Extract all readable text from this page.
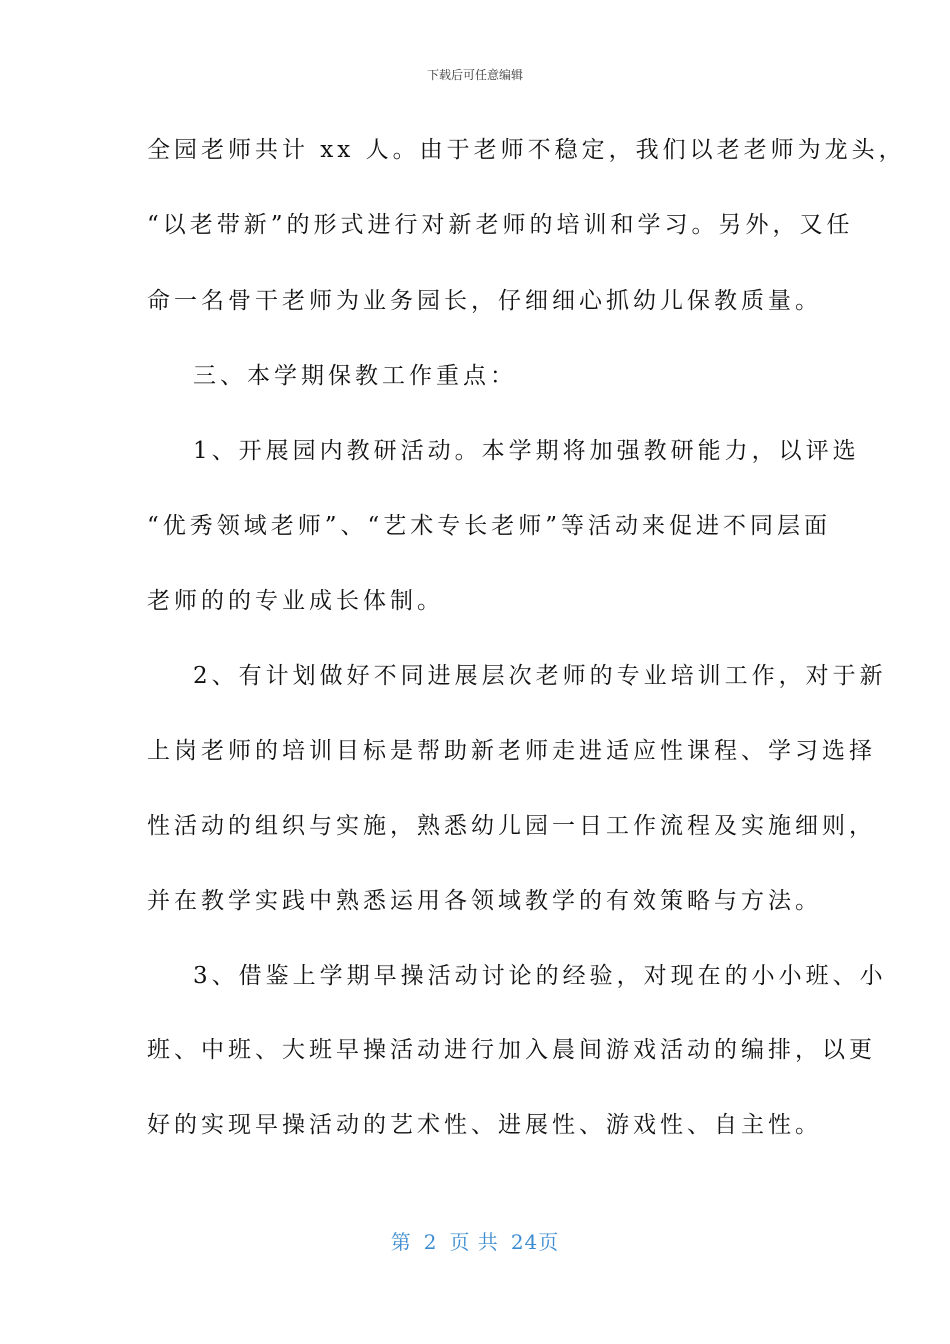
下载后可任意编辑
全园老师共计 xx 人。由于老师不稳定，我们以老老师为龙头，
“以老带新”的形式进行对新老师的培训和学习。另外，又任
命一名骨干老师为业务园长，仔细细心抓幼儿保教质量。
三、本学期保教工作重点：
1、开展园内教研活动。本学期将加强教研能力，以评选
“优秀领域老师”、“艺术专长老师”等活动来促进不同层面
老师的的专业成长体制。
2、有计划做好不同进展层次老师的专业培训工作，对于新
上岗老师的培训目标是帮助新老师走进适应性课程、学习选择
性活动的组织与实施，熟悉幼儿园一日工作流程及实施细则，
并在教学实践中熟悉运用各领域教学的有效策略与方法。
3、借鉴上学期早操活动讨论的经验，对现在的小小班、小
班、中班、大班早操活动进行加入晨间游戏活动的编排，以更
好的实现早操活动的艺术性、进展性、游戏性、自主性。
第 2 页 共 24页
